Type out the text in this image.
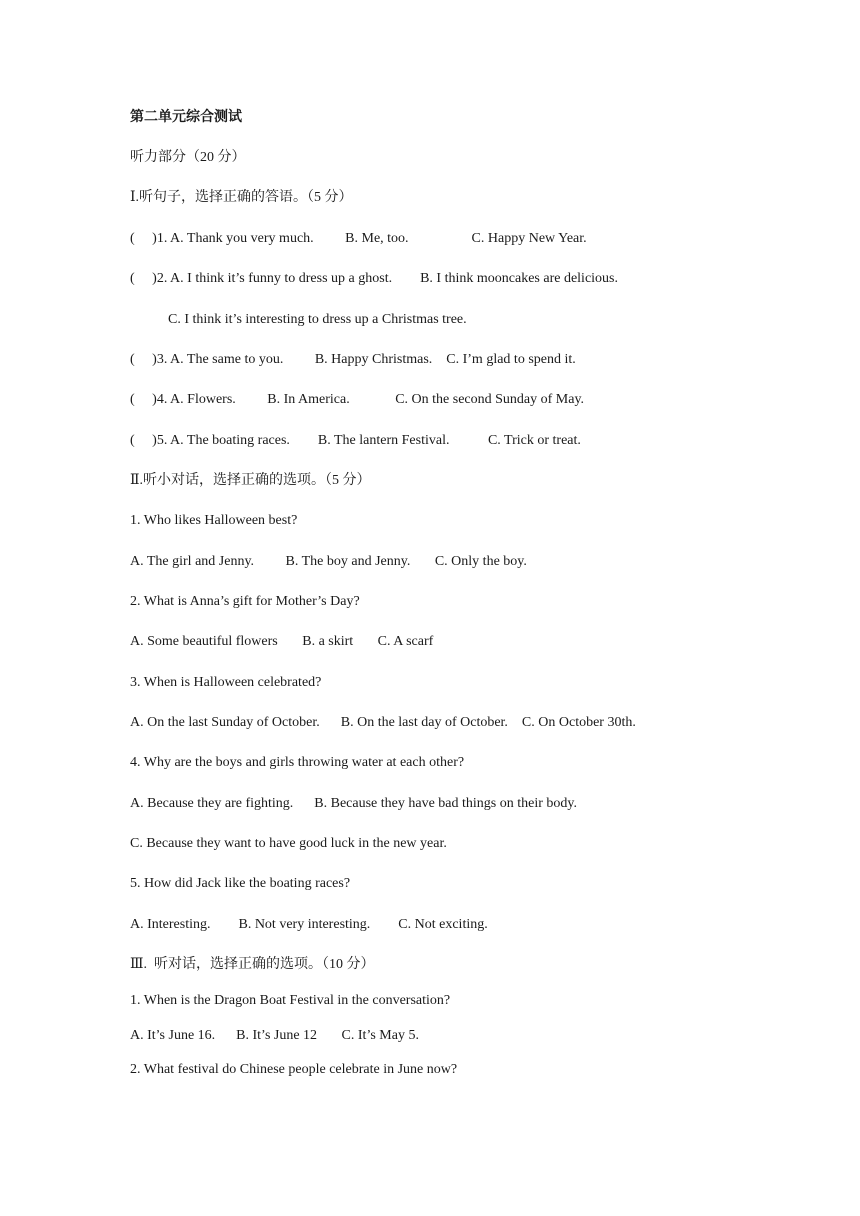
第二单元综合测试
听力部分（20 分）
Ⅰ.听句子，选择正确的答语。（5 分）
(     )1. A. Thank you very much.         B. Me, too.                  C. Happy New Year.
(     )2. A. I think it’s funny to dress up a ghost.        B. I think mooncakes are delicious.
C. I think it’s interesting to dress up a Christmas tree.
(     )3. A. The same to you.         B. Happy Christmas.    C. I’m glad to spend it.
(     )4. A. Flowers.         B. In America.             C. On the second Sunday of May.
(     )5. A. The boating races.        B. The lantern Festival.           C. Trick or treat.
Ⅱ.听小对话，选择正确的选项。（5 分）
1. Who likes Halloween best?
A. The girl and Jenny.         B. The boy and Jenny.       C. Only the boy.
2. What is Anna’s gift for Mother’s Day?
A. Some beautiful flowers       B. a skirt       C. A scarf
3. When is Halloween celebrated?
A. On the last Sunday of October.      B. On the last day of October.    C. On October 30th.
4. Why are the boys and girls throwing water at each other?
A. Because they are fighting.      B. Because they have bad things on their body.
C. Because they want to have good luck in the new year.
5. How did Jack like the boating races?
A. Interesting.        B. Not very interesting.        C. Not exciting.
Ⅲ.  听对话，选择正确的选项。（10 分）
1. When is the Dragon Boat Festival in the conversation?
A. It’s June 16.      B. It’s June 12       C. It’s May 5.
2. What festival do Chinese people celebrate in June now?
